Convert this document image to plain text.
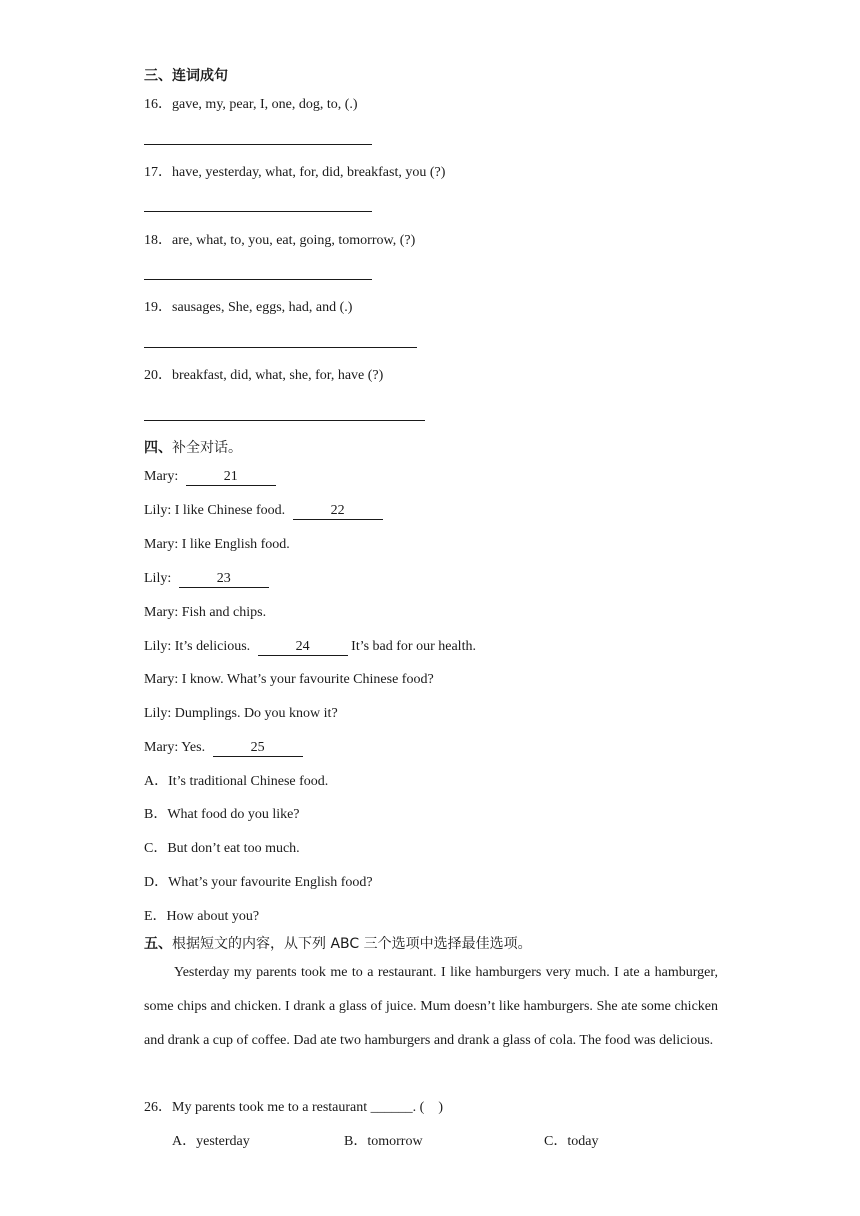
三、连词成句
16．gave, my, pear, I, one, dog, to, (.)
17．have, yesterday, what, for, did, breakfast, you (?)
18．are, what, to, you, eat, going, tomorrow, (?)
19．sausages, She, eggs, had, and (.)
20．breakfast, did, what, she, for, have (?)
四、补全对话。
Mary:	21
Lily: I like Chinese food.	22
Mary: I like English food.
Lily:	23
Mary: Fish and chips.
Lily: It’s delicious.	24	It’s bad for our health.
Mary: I know. What’s your favourite Chinese food?
Lily: Dumplings. Do you know it?
Mary: Yes.	25
A．It’s traditional Chinese food.
B．What food do you like?
C．But don’t eat too much.
D．What’s your favourite English food?
E．How about you?
五、根据短文的内容，从下列 ABC 三个选项中选择最佳选项。

Yesterday my parents took me to a restaurant. I like hamburgers very much. I ate a hamburger, some chips and chicken. I drank a glass of juice. Mum doesn’t like hamburgers. She ate some chicken and drank a cup of coffee. Dad ate two hamburgers and drank a glass of cola. The food was delicious.

26．My parents took me to a restaurant ______. (　)
A．yesterday	B．tomorrow	C．today
